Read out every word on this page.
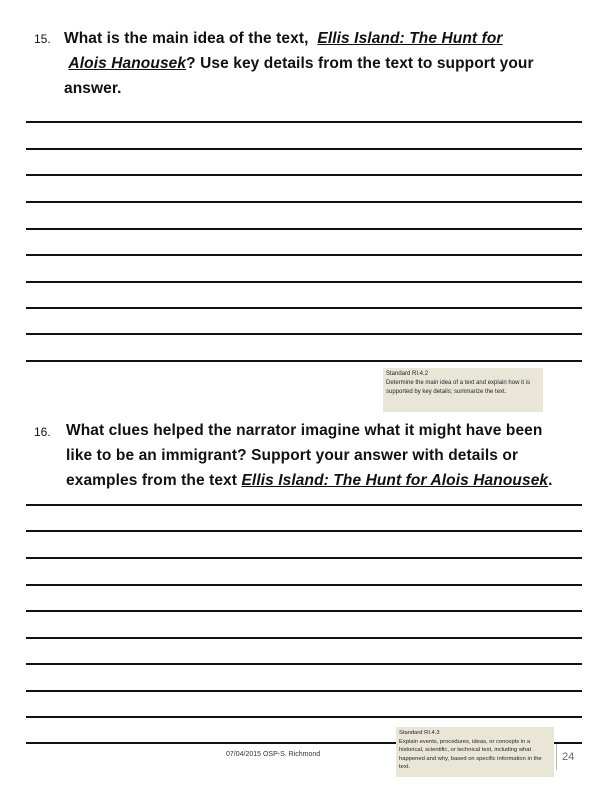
15. What is the main idea of the text, Ellis Island: The Hunt for
Alois Hanousek? Use key details from the text to support your
answer.
Standard RI.4.2
Determine the main idea of a text and explain how it is supported by key details; summarize the text.
16. What clues helped the narrator imagine what it might have been
like to be an immigrant? Support your answer with details or
examples from the text Ellis Island: The Hunt for Alois Hanousek.
Standard RI.4.3
Explain events, procedures, ideas, or concepts in a historical, scientific, or technical text, including what happened and why, based on specific information in the text.
07/04/2015 OSP-S. Richmond	24
